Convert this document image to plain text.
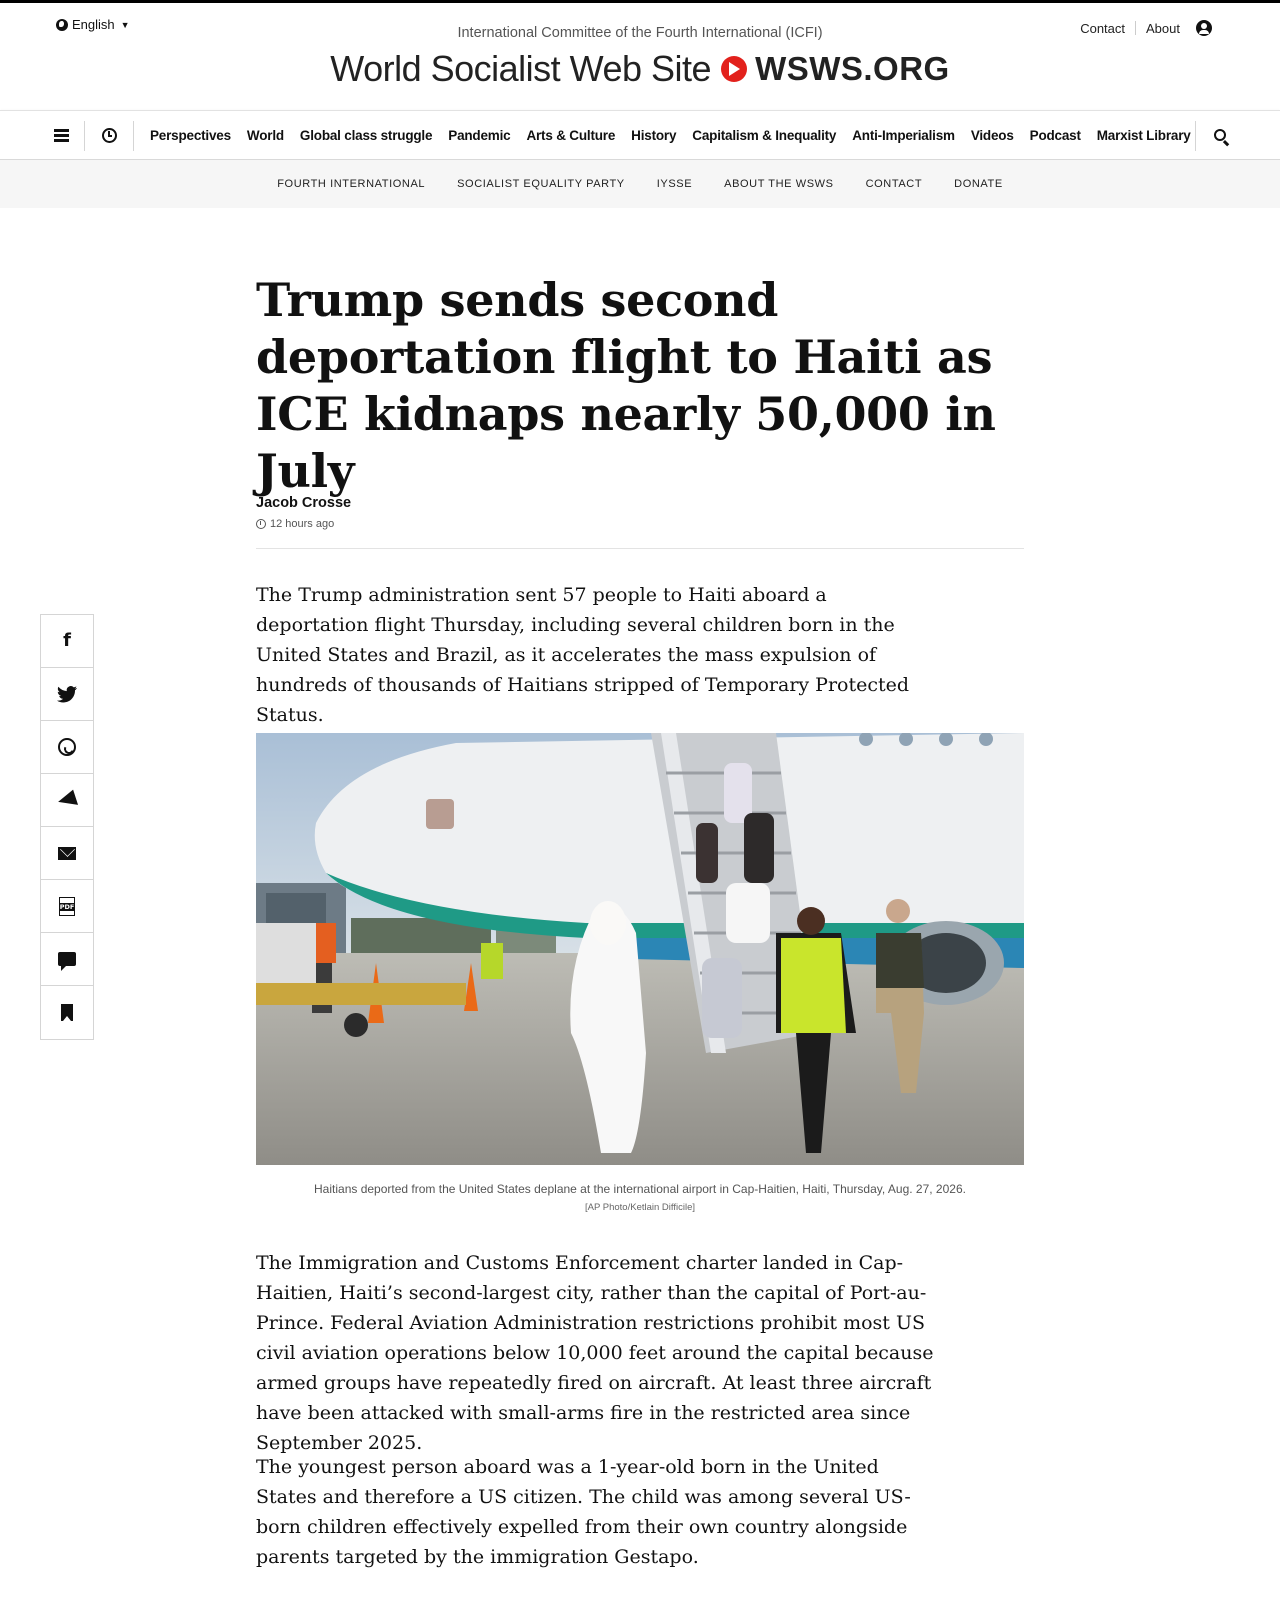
English ▼
International Committee of the Fourth International (ICFI)
World Socialist Web Site WSWS.ORG
Contact About
Perspectives World Global class struggle Pandemic Arts & Culture History Capitalism & Inequality Anti-Imperialism Videos Podcast Marxist Library
FOURTH INTERNATIONAL	SOCIALIST EQUALITY PARTY	IYSSE	ABOUT THE WSWS	CONTACT	DONATE
Trump sends second deportation flight to Haiti as ICE kidnaps nearly 50,000 in July
Jacob Crosse
12 hours ago

The Trump administration sent 57 people to Haiti aboard a deportation flight Thursday, including several children born in the United States and Brazil, as it accelerates the mass expulsion of hundreds of thousands of Haitians stripped of Temporary Protected Status.

Haitians deported from the United States deplane at the international airport in Cap-Haitien, Haiti, Thursday, Aug. 27, 2026.
[AP Photo/Ketlain Difficile]

The Immigration and Customs Enforcement charter landed in Cap-Haitien, Haiti’s second-largest city, rather than the capital of Port-au-Prince. Federal Aviation Administration restrictions prohibit most US civil aviation operations below 10,000 feet around the capital because armed groups have repeatedly fired on aircraft. At least three aircraft have been attacked with small-arms fire in the restricted area since September 2025.

The youngest person aboard was a 1-year-old born in the United States and therefore a US citizen. The child was among several US-born children effectively expelled from their own country alongside parents targeted by the immigration Gestapo.

f
PDF
